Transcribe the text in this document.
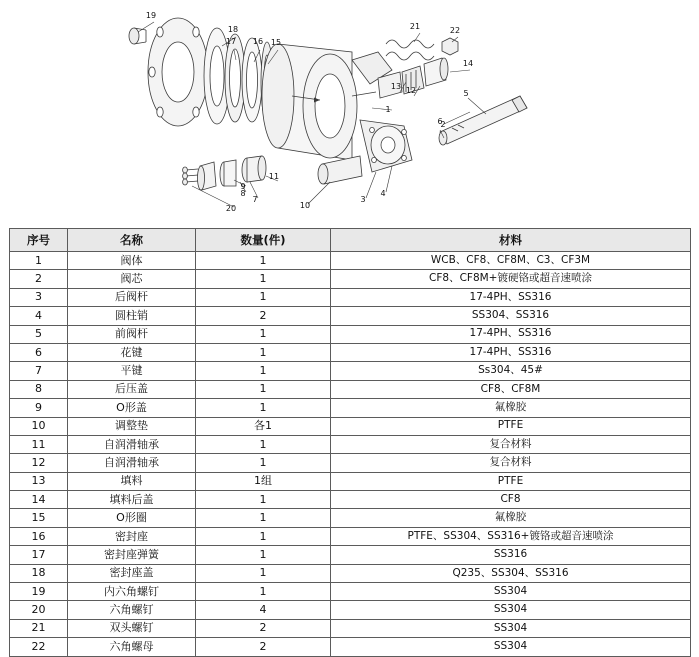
1
2
3
4
5
6
7
8
9
10
11
12
13
14
15
16
17
18
19
20
21	22
序号	名称	数量(件)	材料
1	阀体	1	WCB、CF8、CF8M、C3、CF3M
2	阀芯	1	CF8、CF8M+镀硬铬或超音速喷涂
3	后阀杆	1	17-4PH、SS316
4	圆柱销	2	SS304、SS316
5	前阀杆	1	17-4PH、SS316
6	花键	1	17-4PH、SS316
7	平键	1	Ss304、45#
8	后压盖	1	CF8、CF8M
9	O形盖	1	氟橡胶
10	调整垫	各1	PTFE
11	自润滑轴承	1	复合材料
12	自润滑轴承	1	复合材料
13	填料	1组	PTFE
14	填料后盖	1	CF8
15	O形圈	1	氟橡胶
16	密封座	1	PTFE、SS304、SS316+镀铬或超音速喷涂
17	密封座弹簧	1	SS316
18	密封座盖	1	Q235、SS304、SS316
19	内六角螺钉	1	SS304
20	六角螺钉	4	SS304
21	双头螺钉	2	SS304
22	六角螺母	2	SS304
